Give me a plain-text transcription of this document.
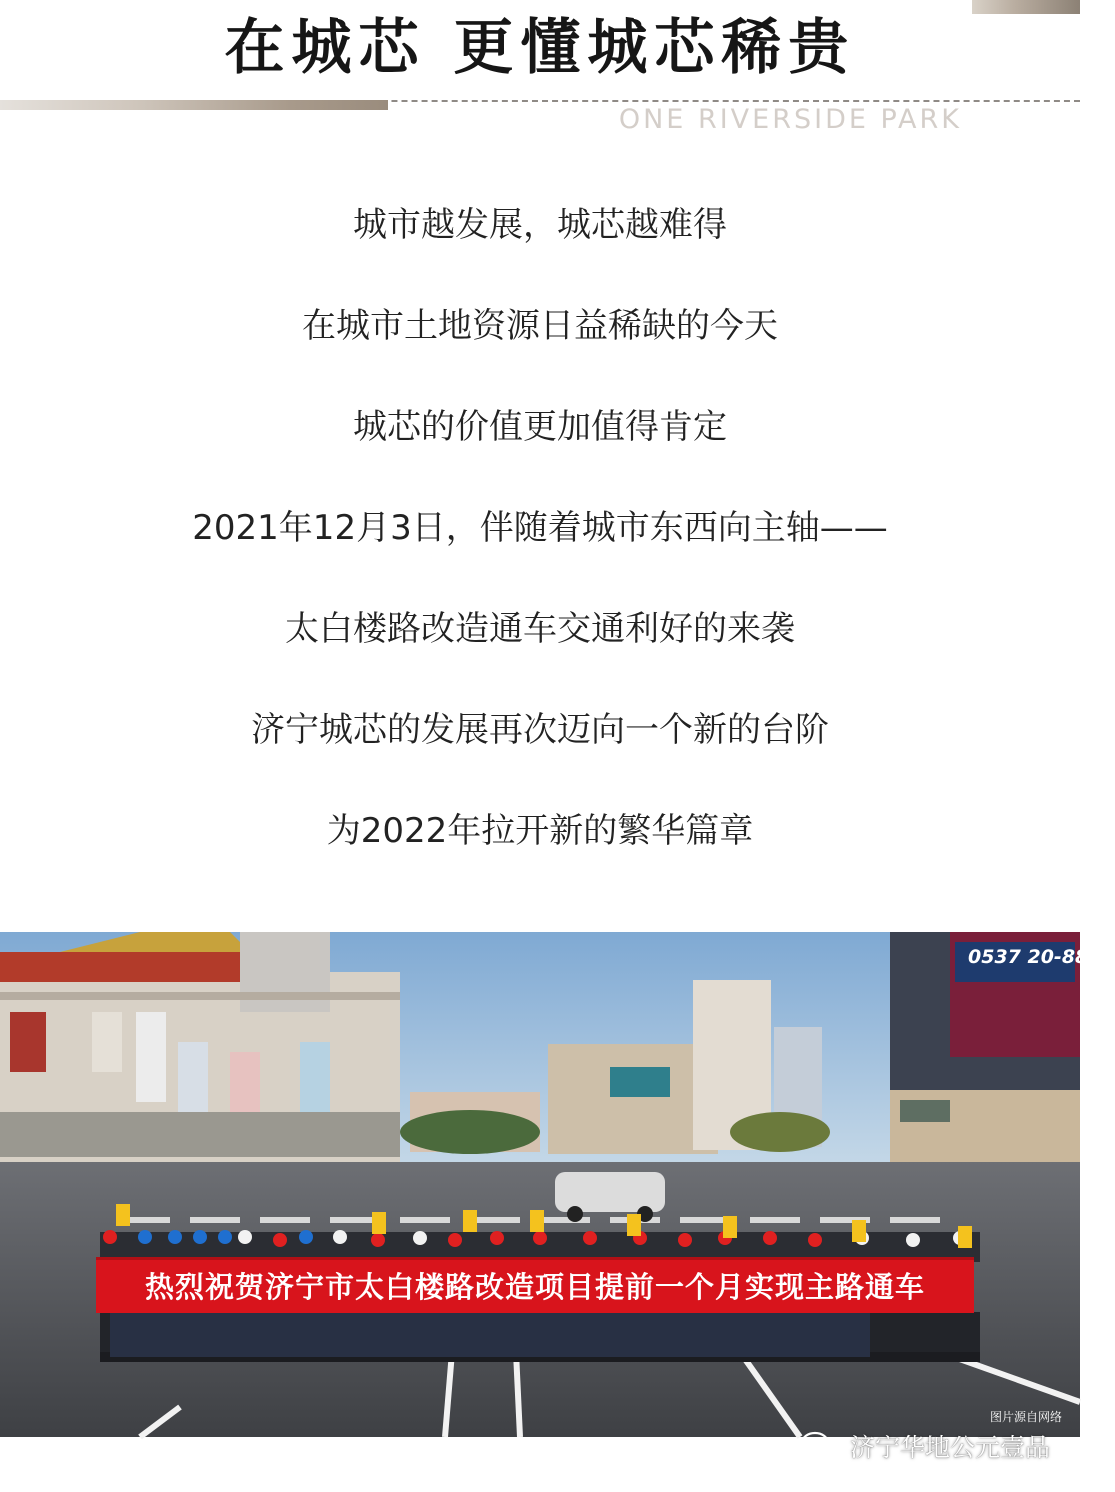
在城芯 更懂城芯稀贵
ONE RIVERSIDE PARK

城市越发展，城芯越难得

在城市土地资源日益稀缺的今天

城芯的价值更加值得肯定

2021年12月3日，伴随着城市东西向主轴——

太白楼路改造通车交通利好的来袭

济宁城芯的发展再次迈向一个新的台阶

为2022年拉开新的繁华篇章

0537 20-8888
热烈祝贺济宁市太白楼路改造项目提前一个月实现主路通车
图片源自网络
济宁华地公元壹品
